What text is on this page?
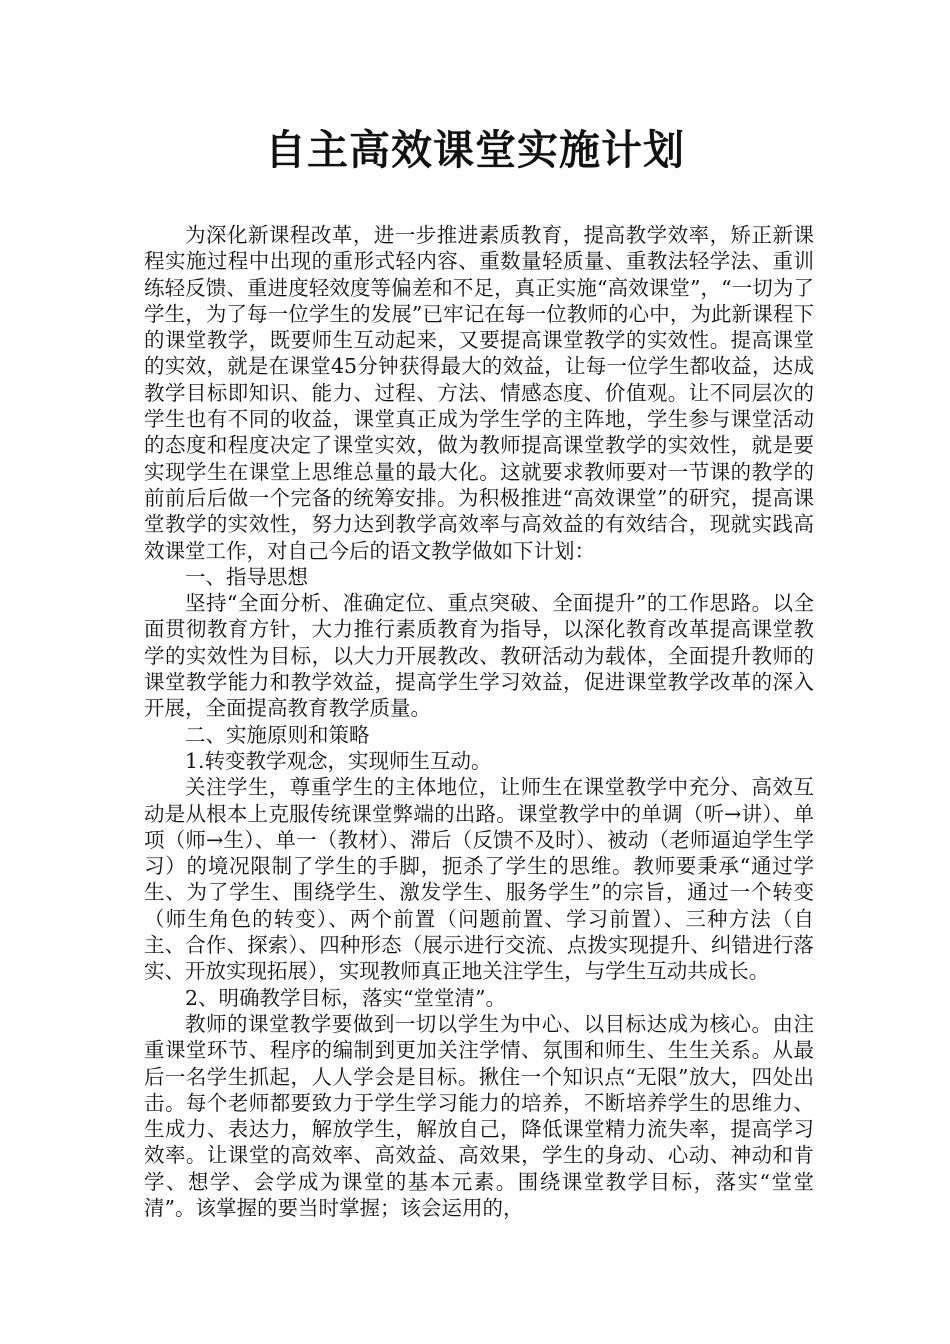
自主高效课堂实施计划

为深化新课程改革，进一步推进素质教育，提高教学效率，矫正新课程实施过程中出现的重形式轻内容、重数量轻质量、重教法轻学法、重训练轻反馈、重进度轻效度等偏差和不足，真正实施“高效课堂”，“一切为了学生，为了每一位学生的发展”已牢记在每一位教师的心中，为此新课程下的课堂教学，既要师生互动起来，又要提高课堂教学的实效性。提高课堂的实效，就是在课堂45分钟获得最大的效益，让每一位学生都收益，达成教学目标即知识、能力、过程、方法、情感态度、价值观。让不同层次的学生也有不同的收益，课堂真正成为学生学的主阵地，学生参与课堂活动的态度和程度决定了课堂实效，做为教师提高课堂教学的实效性，就是要实现学生在课堂上思维总量的最大化。这就要求教师要对一节课的教学的前前后后做一个完备的统筹安排。为积极推进“高效课堂”的研究，提高课堂教学的实效性，努力达到教学高效率与高效益的有效结合，现就实践高效课堂工作，对自己今后的语文教学做如下计划：

一、指导思想

坚持“全面分析、准确定位、重点突破、全面提升”的工作思路。以全面贯彻教育方针，大力推行素质教育为指导，以深化教育改革提高课堂教学的实效性为目标，以大力开展教改、教研活动为载体，全面提升教师的课堂教学能力和教学效益，提高学生学习效益，促进课堂教学改革的深入开展，全面提高教育教学质量。

二、实施原则和策略

1.转变教学观念，实现师生互动。

关注学生，尊重学生的主体地位，让师生在课堂教学中充分、高效互动是从根本上克服传统课堂弊端的出路。课堂教学中的单调（听→讲）、单项（师→生）、单一（教材）、滞后（反馈不及时）、被动（老师逼迫学生学习）的境况限制了学生的手脚，扼杀了学生的思维。教师要秉承“通过学生、为了学生、围绕学生、激发学生、服务学生”的宗旨，通过一个转变（师生角色的转变）、两个前置（问题前置、学习前置）、三种方法（自主、合作、探索）、四种形态（展示进行交流、点拨实现提升、纠错进行落实、开放实现拓展），实现教师真正地关注学生，与学生互动共成长。

2、明确教学目标，落实“堂堂清”。

教师的课堂教学要做到一切以学生为中心、以目标达成为核心。由注重课堂环节、程序的编制到更加关注学情、氛围和师生、生生关系。从最后一名学生抓起，人人学会是目标。揪住一个知识点“无限”放大，四处出击。每个老师都要致力于学生学习能力的培养，不断培养学生的思维力、生成力、表达力，解放学生，解放自己，降低课堂精力流失率，提高学习效率。让课堂的高效率、高效益、高效果，学生的身动、心动、神动和肯学、想学、会学成为课堂的基本元素。围绕课堂教学目标，落实“堂堂清”。该掌握的要当时掌握；该会运用的，
